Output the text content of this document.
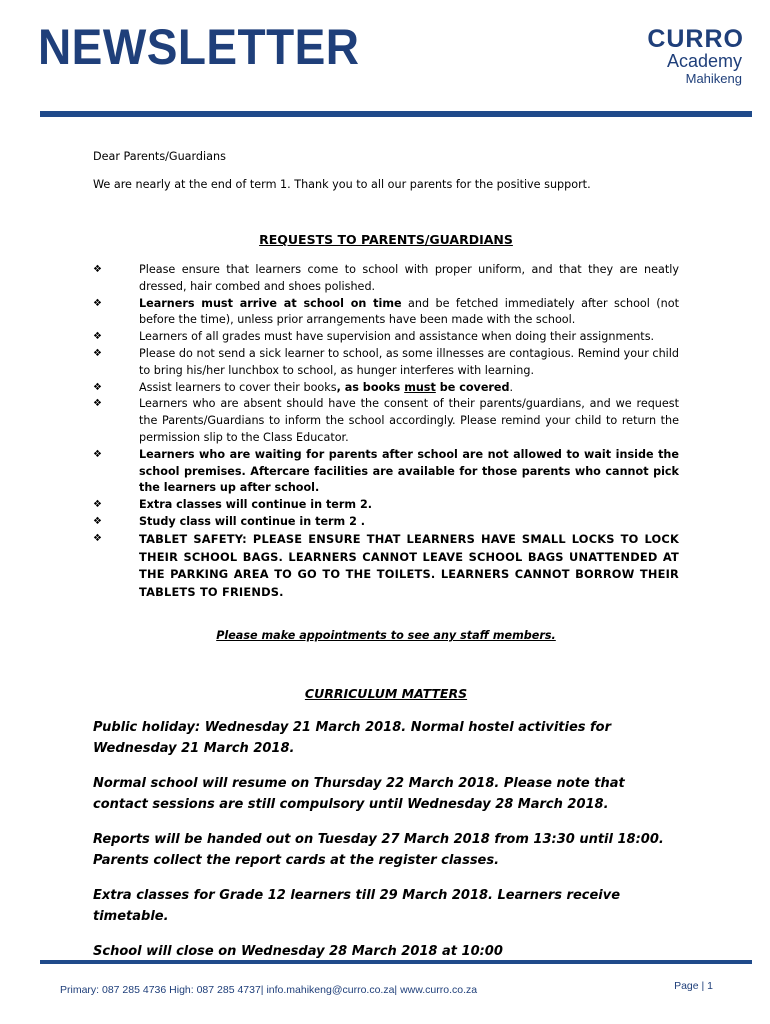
NEWSLETTER	CURRO
Academy
Mahikeng

Dear Parents/Guardians

We are nearly at the end of term 1. Thank you to all our parents for the positive support.

REQUESTS TO PARENTS/GUARDIANS
❖	Please ensure that learners come to school with proper uniform, and that they are neatly dressed, hair combed and shoes polished.
❖	Learners must arrive at school on time and be fetched immediately after school (not before the time), unless prior arrangements have been made with the school.
❖	Learners of all grades must have supervision and assistance when doing their assignments.
❖	Please do not send a sick learner to school, as some illnesses are contagious. Remind your child to bring his/her lunchbox to school, as hunger interferes with learning.
❖	Assist learners to cover their books, as books must be covered.
❖	Learners who are absent should have the consent of their parents/guardians, and we request the Parents/Guardians to inform the school accordingly. Please remind your child to return the permission slip to the Class Educator.
❖	Learners who are waiting for parents after school are not allowed to wait inside the school premises. Aftercare facilities are available for those parents who cannot pick the learners up after school.
❖	Extra classes will continue in term 2.
❖	Study class will continue in term 2 .
❖	TABLET SAFETY: PLEASE ENSURE THAT LEARNERS HAVE SMALL LOCKS TO LOCK THEIR SCHOOL BAGS. LEARNERS CANNOT LEAVE SCHOOL BAGS UNATTENDED AT THE PARKING AREA TO GO TO THE TOILETS. LEARNERS CANNOT BORROW THEIR TABLETS TO FRIENDS.

Please make appointments to see any staff members.

CURRICULUM MATTERS

Public holiday: Wednesday 21 March 2018. Normal hostel activities for Wednesday 21 March 2018.

Normal school will resume on Thursday 22 March 2018. Please note that contact sessions are still compulsory until Wednesday 28 March 2018.

Reports will be handed out on Tuesday 27 March 2018 from 13:30 until 18:00. Parents collect the report cards at the register classes.

Extra classes for Grade 12 learners till 29 March 2018. Learners receive timetable.

School will close on Wednesday 28 March 2018 at 10:00

Primary: 087 285 4736 High: 087 285 4737| info.mahikeng@curro.co.za| www.curro.co.za	Page | 1
